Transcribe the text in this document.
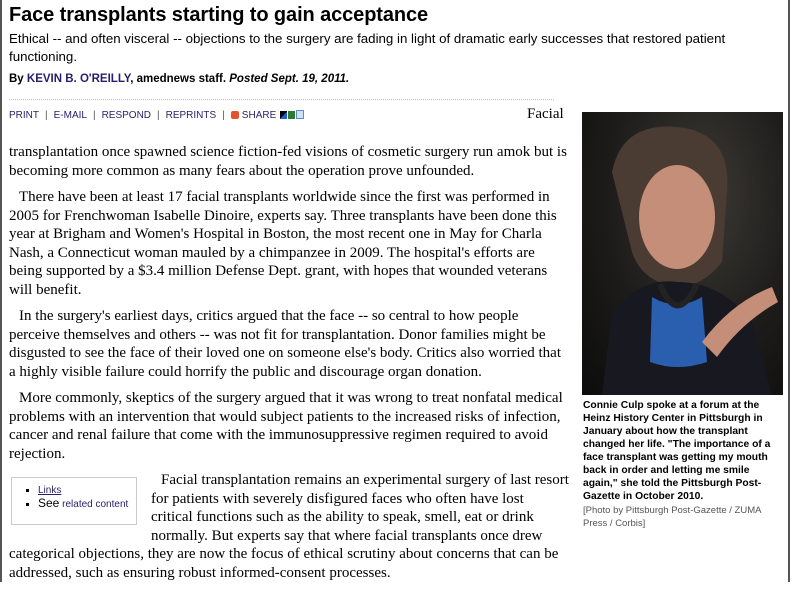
Face transplants starting to gain acceptance
Ethical -- and often visceral -- objections to the surgery are fading in light of dramatic early successes that restored patient functioning.
By KEVIN B. O'REILLY, amednews staff. Posted Sept. 19, 2011.
PRINT | E-MAIL | RESPOND | REPRINTS | SHARE	Facial

transplantation once spawned science fiction-fed visions of cosmetic surgery run amok but is becoming more common as many fears about the operation prove unfounded.

There have been at least 17 facial transplants worldwide since the first was performed in 2005 for Frenchwoman Isabelle Dinoire, experts say. Three transplants have been done this year at Brigham and Women's Hospital in Boston, the most recent one in May for Charla Nash, a Connecticut woman mauled by a chimpanzee in 2009. The hospital's efforts are being supported by a $3.4 million Defense Dept. grant, with hopes that wounded veterans will benefit.

In the surgery's earliest days, critics argued that the face -- so central to how people perceive themselves and others -- was not fit for transplantation. Donor families might be disgusted to see the face of their loved one on someone else's body. Critics also worried that a highly visible failure could horrify the public and discourage organ donation.

More commonly, skeptics of the surgery argued that it was wrong to treat nonfatal medical problems with an intervention that would subject patients to the increased risks of infection, cancer and renal failure that come with the immunosuppressive regimen required to avoid rejection.

▪ Links
▪ See related content

Facial transplantation remains an experimental surgery of last resort for patients with severely disfigured faces who often have lost critical functions such as the ability to speak, smell, eat or drink normally. But experts say that where facial transplants once drew categorical objections, they are now the focus of ethical scrutiny about concerns that can be addressed, such as ensuring robust informed-consent processes.

Connie Culp spoke at a forum at the Heinz History Center in Pittsburgh in January about how the transplant changed her life. "The importance of a face transplant was getting my mouth back in order and letting me smile again," she told the Pittsburgh Post-Gazette in October 2010.
[Photo by Pittsburgh Post-Gazette / ZUMA Press / Corbis]
